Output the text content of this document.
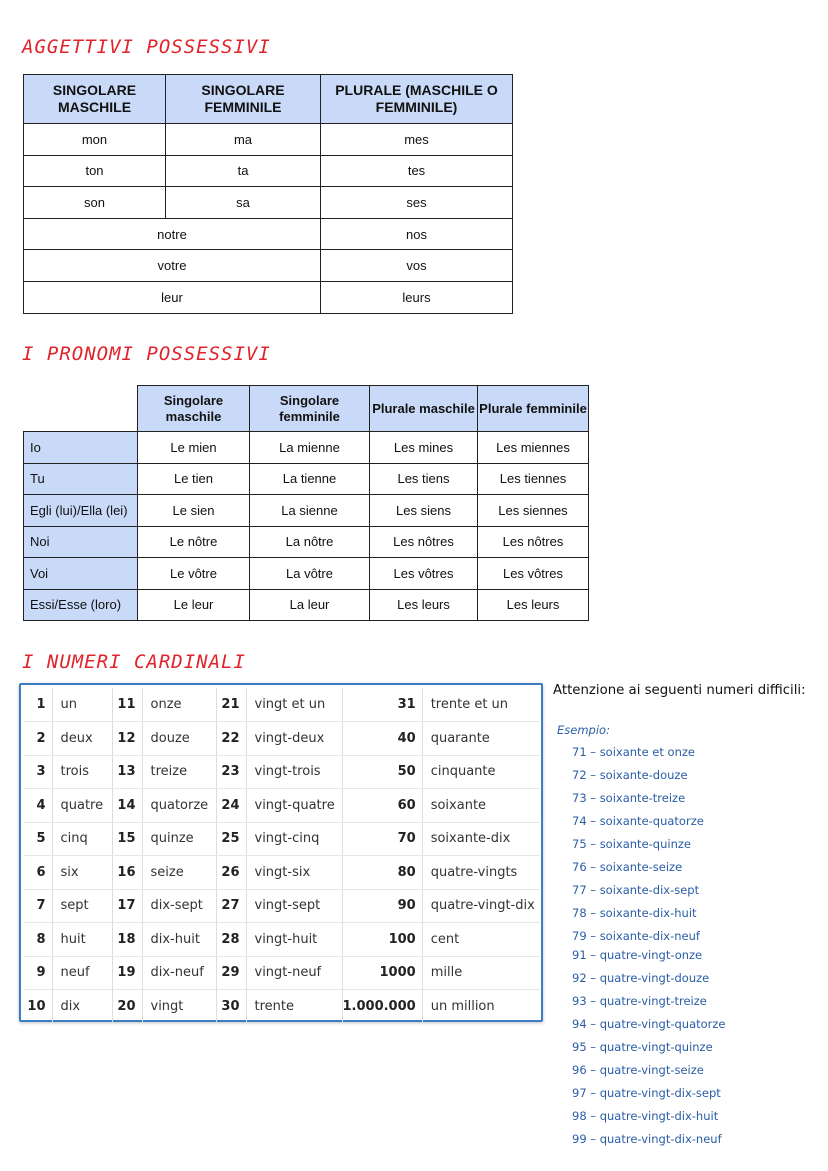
AGGETTIVI POSSESSIVI
SINGOLARE MASCHILE	SINGOLARE FEMMINILE	PLURALE (MASCHILE O FEMMINILE)
mon	ma	mes
ton	ta	tes
son	sa	ses
notre		nos
votre		vos
leur		leurs
I PRONOMI POSSESSIVI
	Singolare maschile	Singolare femminile	Plurale maschile	Plurale femminile
Io	Le mien	La mienne	Les mines	Les miennes
Tu	Le tien	La tienne	Les tiens	Les tiennes
Egli (lui)/Ella (lei)	Le sien	La sienne	Les siens	Les siennes
Noi	Le nôtre	La nôtre	Les nôtres	Les nôtres
Voi	Le vôtre	La vôtre	Les vôtres	Les vôtres
Essi/Esse (loro)	Le leur	La leur	Les leurs	Les leurs
I NUMERI CARDINALI
1	un	11	onze	21	vingt et un	31	trente et un
2	deux	12	douze	22	vingt-deux	40	quarante
3	trois	13	treize	23	vingt-trois	50	cinquante
4	quatre	14	quatorze	24	vingt-quatre	60	soixante
5	cinq	15	quinze	25	vingt-cinq	70	soixante-dix
6	six	16	seize	26	vingt-six	80	quatre-vingts
7	sept	17	dix-sept	27	vingt-sept	90	quatre-vingt-dix
8	huit	18	dix-huit	28	vingt-huit	100	cent
9	neuf	19	dix-neuf	29	vingt-neuf	1000	mille
10	dix	20	vingt	30	trente	1.000.000	un million
Attenzione ai seguenti numeri difficili:
Esempio:
71 – soixante et onze
72 – soixante-douze
73 – soixante-treize
74 – soixante-quatorze
75 – soixante-quinze
76 – soixante-seize
77 – soixante-dix-sept
78 – soixante-dix-huit
79 – soixante-dix-neuf
91 – quatre-vingt-onze
92 – quatre-vingt-douze
93 – quatre-vingt-treize
94 – quatre-vingt-quatorze
95 – quatre-vingt-quinze
96 – quatre-vingt-seize
97 – quatre-vingt-dix-sept
98 – quatre-vingt-dix-huit
99 – quatre-vingt-dix-neuf
